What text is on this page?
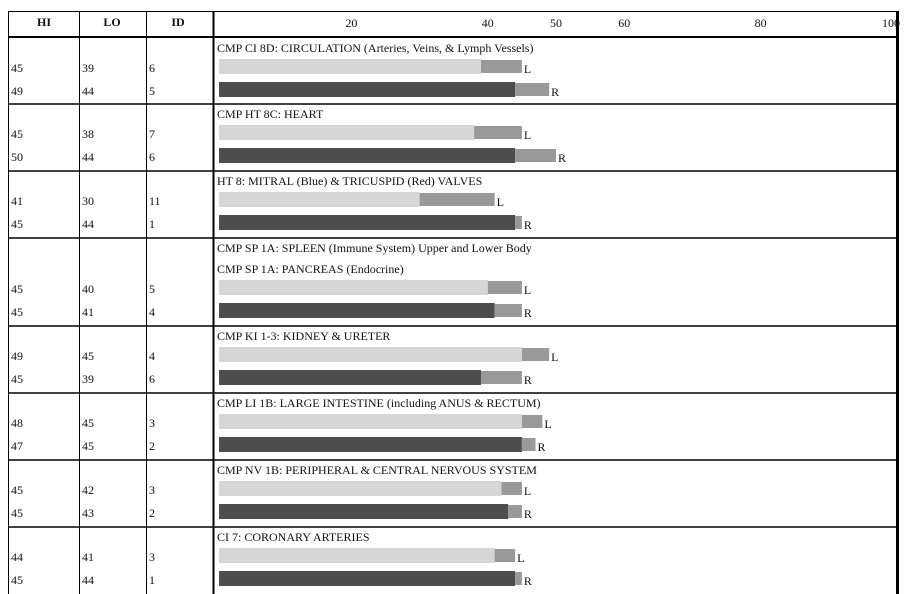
HI	LO	ID	20	40	50	60	80	100
CMP CI 8D: CIRCULATION (Arteries, Veins, & Lymph Vessels)
45	39	6	L
49	44	5	R
CMP HT 8C: HEART
45	38	7	L
50	44	6	R
HT 8: MITRAL (Blue) & TRICUSPID (Red) VALVES
41	30	11	L
45	44	1	R
CMP SP 1A: SPLEEN (Immune System) Upper and Lower Body
CMP SP 1A: PANCREAS (Endocrine)
45	40	5	L
45	41	4	R
CMP KI 1-3: KIDNEY & URETER
49	45	4	L
45	39	6	R
CMP LI 1B: LARGE INTESTINE (including ANUS & RECTUM)
48	45	3	L
47	45	2	R
CMP NV 1B: PERIPHERAL & CENTRAL NERVOUS SYSTEM
45	42	3	L
45	43	2	R
CI 7: CORONARY ARTERIES
44	41	3	L
45	44	1	R
